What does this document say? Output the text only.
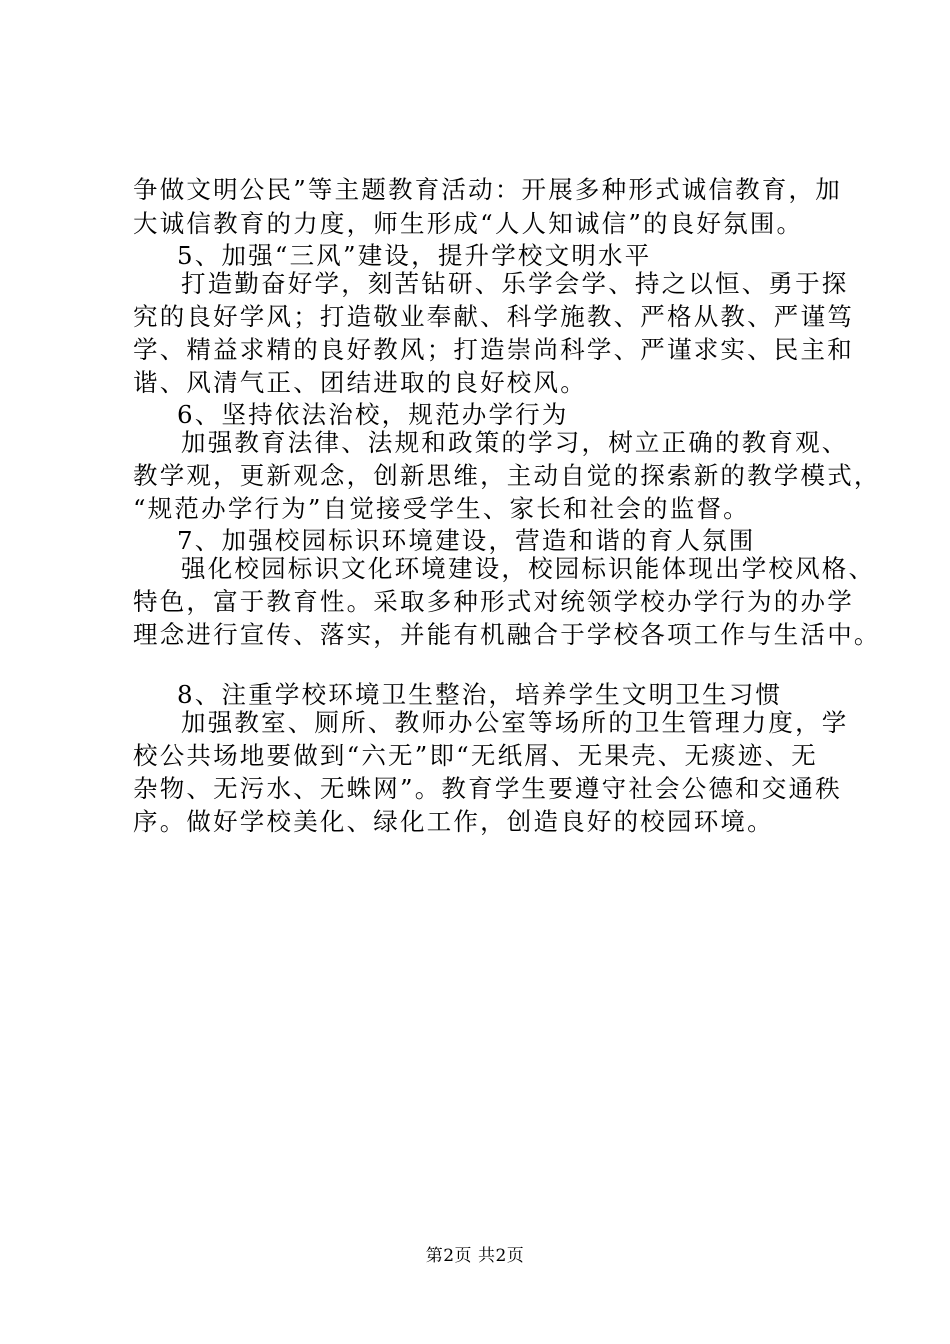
争做文明公民”等主题教育活动：开展多种形式诚信教育，加
大诚信教育的力度，师生形成“人人知诚信”的良好氛围。
5、加强“三风”建设，提升学校文明水平
打造勤奋好学，刻苦钻研、乐学会学、持之以恒、勇于探
究的良好学风；打造敬业奉献、科学施教、严格从教、严谨笃
学、精益求精的良好教风；打造崇尚科学、严谨求实、民主和
谐、风清气正、团结进取的良好校风。
6、坚持依法治校，规范办学行为
加强教育法律、法规和政策的学习，树立正确的教育观、
教学观，更新观念，创新思维，主动自觉的探索新的教学模式，
“规范办学行为”自觉接受学生、家长和社会的监督。
7、加强校园标识环境建设，营造和谐的育人氛围
强化校园标识文化环境建设，校园标识能体现出学校风格、
特色，富于教育性。采取多种形式对统领学校办学行为的办学
理念进行宣传、落实，并能有机融合于学校各项工作与生活中。
8、注重学校环境卫生整治，培养学生文明卫生习惯
加强教室、厕所、教师办公室等场所的卫生管理力度，学
校公共场地要做到“六无”即“无纸屑、无果壳、无痰迹、无
杂物、无污水、无蛛网”。教育学生要遵守社会公德和交通秩
序。做好学校美化、绿化工作，创造良好的校园环境。
第2页 共2页
